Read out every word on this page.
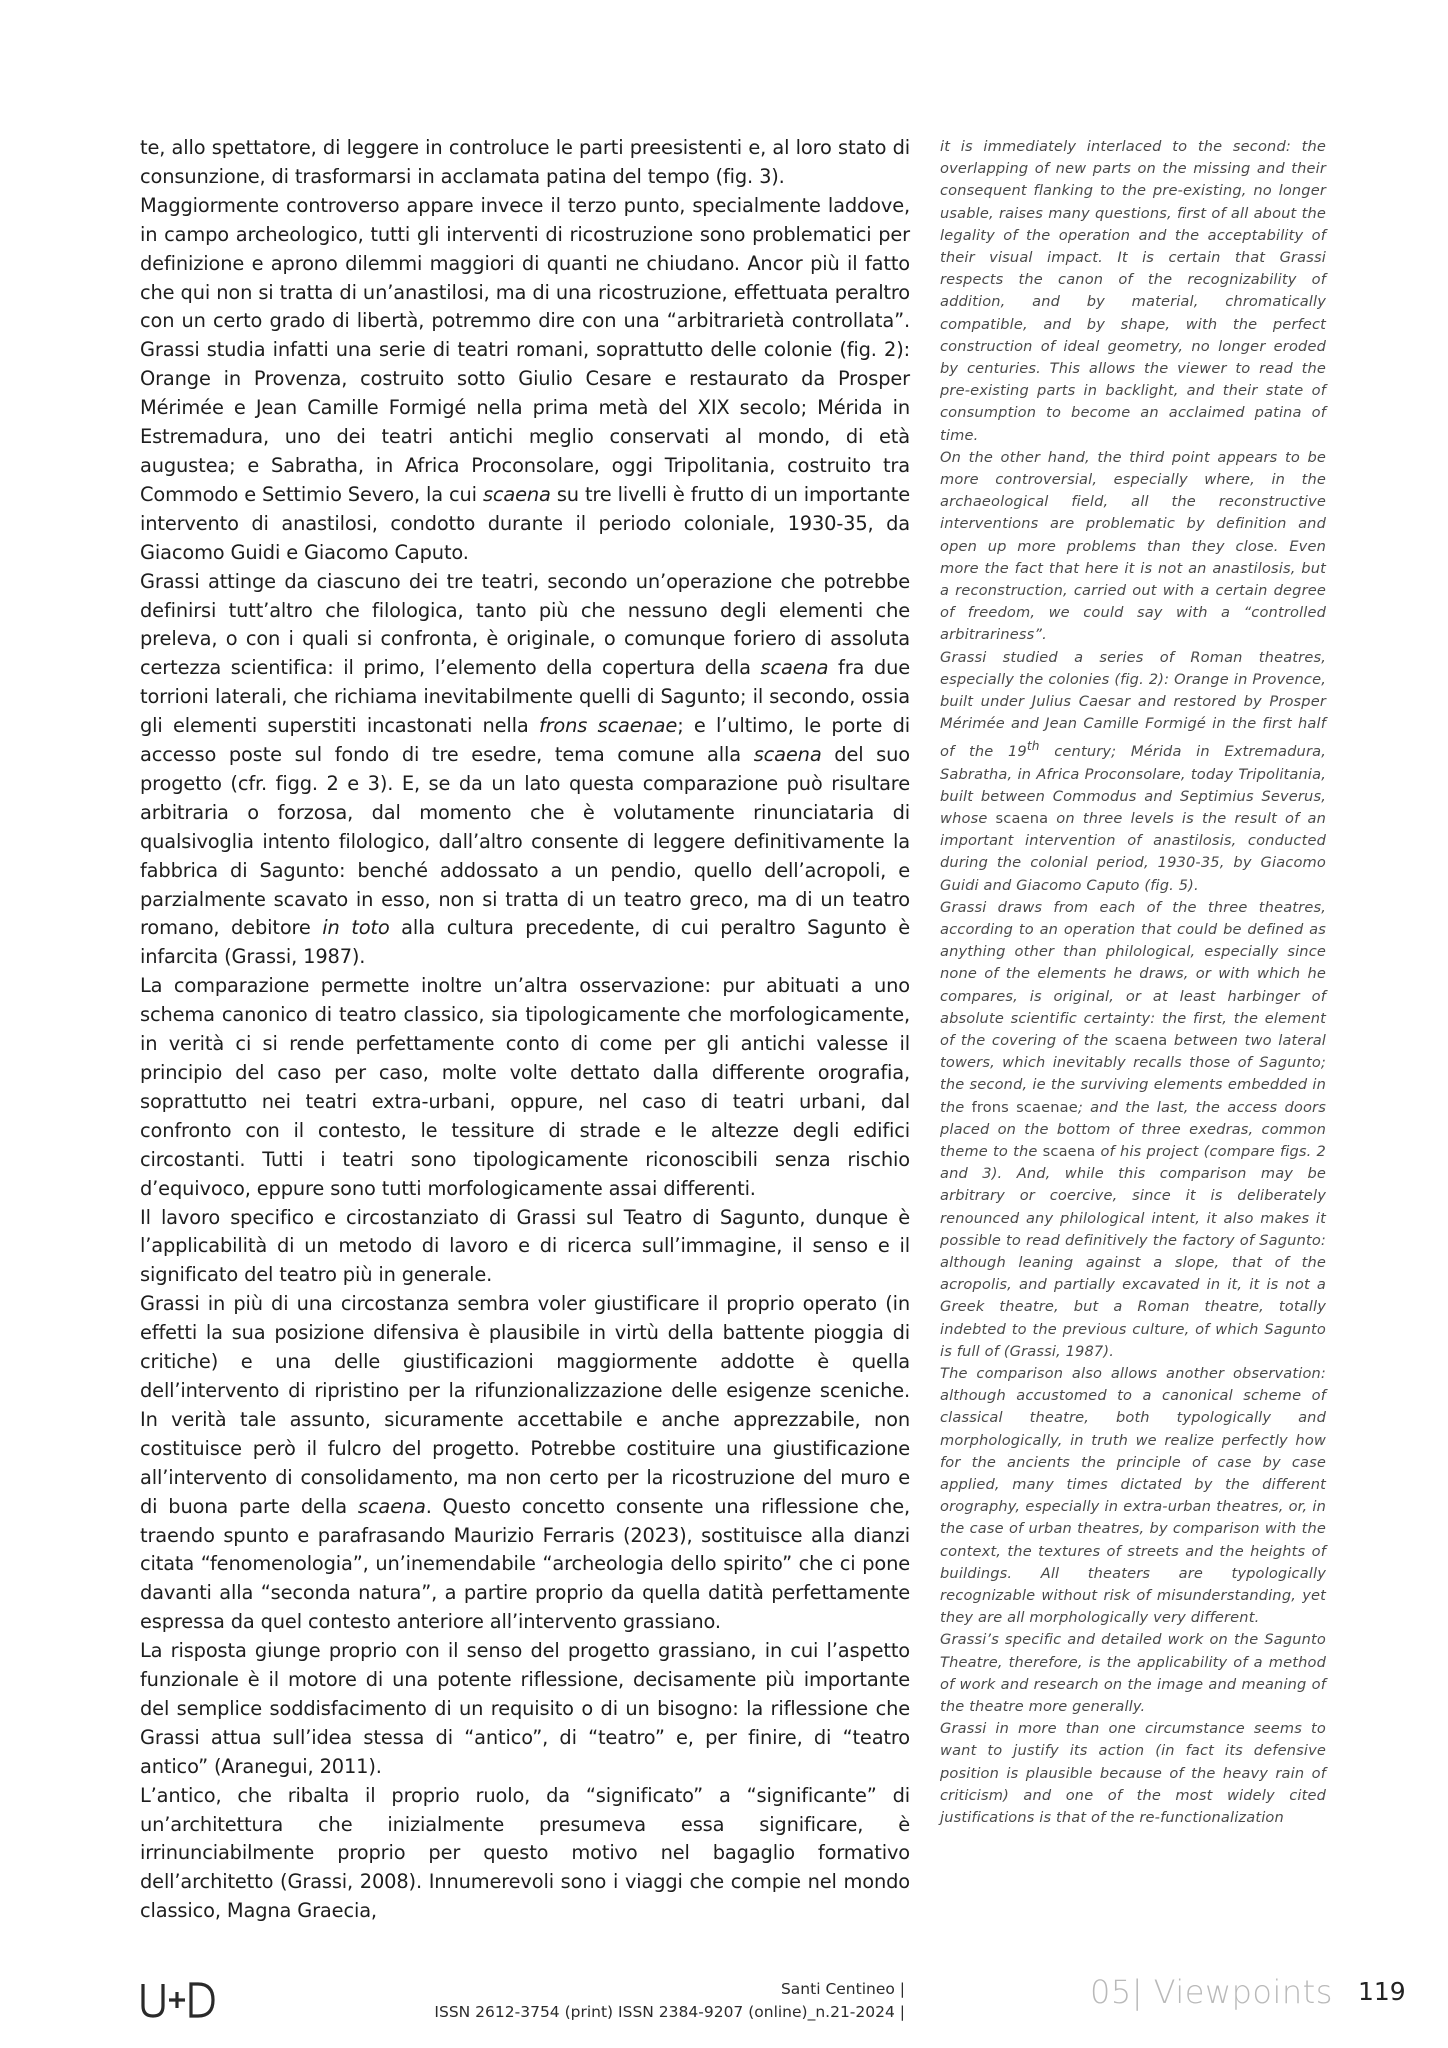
te, allo spettatore, di leggere in controluce le parti preesistenti e, al loro stato di consunzione, di trasformarsi in acclamata patina del tempo (fig. 3).

Maggiormente controverso appare invece il terzo punto, specialmente laddove, in campo archeologico, tutti gli interventi di ricostruzione sono problematici per definizione e aprono dilemmi maggiori di quanti ne chiudano. Ancor più il fatto che qui non si tratta di un’anastilosi, ma di una ricostruzione, effettuata peraltro con un certo grado di libertà, potremmo dire con una “arbitrarietà controllata”. Grassi studia infatti una serie di teatri romani, soprattutto delle colonie (fig. 2): Orange in Provenza, costruito sotto Giulio Cesare e restaurato da Prosper Mérimée e Jean Camille Formigé nella prima metà del XIX secolo; Mérida in Estremadura, uno dei teatri antichi meglio conservati al mondo, di età augustea; e Sabratha, in Africa Proconsolare, oggi Tripolitania, costruito tra Commodo e Settimio Severo, la cui scaena su tre livelli è frutto di un importante intervento di anastilosi, condotto durante il periodo coloniale, 1930-35, da Giacomo Guidi e Giacomo Caputo.

Grassi attinge da ciascuno dei tre teatri, secondo un’operazione che potrebbe definirsi tutt’altro che filologica, tanto più che nessuno degli elementi che preleva, o con i quali si confronta, è originale, o comunque foriero di assoluta certezza scientifica: il primo, l’elemento della copertura della scaena fra due torrioni laterali, che richiama inevitabilmente quelli di Sagunto; il secondo, ossia gli elementi superstiti incastonati nella frons scaenae; e l’ultimo, le porte di accesso poste sul fondo di tre esedre, tema comune alla scaena del suo progetto (cfr. figg. 2 e 3). E, se da un lato questa comparazione può risultare arbitraria o forzosa, dal momento che è volutamente rinunciataria di qualsivoglia intento filologico, dall’altro consente di leggere definitivamente la fabbrica di Sagunto: benché addossato a un pendio, quello dell’acropoli, e parzialmente scavato in esso, non si tratta di un teatro greco, ma di un teatro romano, debitore in toto alla cultura precedente, di cui peraltro Sagunto è infarcita (Grassi, 1987).

La comparazione permette inoltre un’altra osservazione: pur abituati a uno schema canonico di teatro classico, sia tipologicamente che morfologicamente, in verità ci si rende perfettamente conto di come per gli antichi valesse il principio del caso per caso, molte volte dettato dalla differente orografia, soprattutto nei teatri extra-urbani, oppure, nel caso di teatri urbani, dal confronto con il contesto, le tessiture di strade e le altezze degli edifici circostanti. Tutti i teatri sono tipologicamente riconoscibili senza rischio d’equivoco, eppure sono tutti morfologicamente assai differenti.

Il lavoro specifico e circostanziato di Grassi sul Teatro di Sagunto, dunque è l’applicabilità di un metodo di lavoro e di ricerca sull’immagine, il senso e il significato del teatro più in generale.

Grassi in più di una circostanza sembra voler giustificare il proprio operato (in effetti la sua posizione difensiva è plausibile in virtù della battente pioggia di critiche) e una delle giustificazioni maggiormente addotte è quella dell’intervento di ripristino per la rifunzionalizzazione delle esigenze sceniche. In verità tale assunto, sicuramente accettabile e anche apprezzabile, non costituisce però il fulcro del progetto. Potrebbe costituire una giustificazione all’intervento di consolidamento, ma non certo per la ricostruzione del muro e di buona parte della scaena. Questo concetto consente una riflessione che, traendo spunto e parafrasando Maurizio Ferraris (2023), sostituisce alla dianzi citata “fenomenologia”, un’inemendabile “archeologia dello spirito” che ci pone davanti alla “seconda natura”, a partire proprio da quella datità perfettamente espressa da quel contesto anteriore all’intervento grassiano.

La risposta giunge proprio con il senso del progetto grassiano, in cui l’aspetto funzionale è il motore di una potente riflessione, decisamente più importante del semplice soddisfacimento di un requisito o di un bisogno: la riflessione che Grassi attua sull’idea stessa di “antico”, di “teatro” e, per finire, di “teatro antico” (Aranegui, 2011).

L’antico, che ribalta il proprio ruolo, da “significato” a “significante” di un’architettura che inizialmente presumeva essa significare, è irrinunciabilmente proprio per questo motivo nel bagaglio formativo dell’architetto (Grassi, 2008). Innumerevoli sono i viaggi che compie nel mondo classico, Magna Graecia,

it is immediately interlaced to the second: the overlapping of new parts on the missing and their consequent flanking to the pre-existing, no longer usable, raises many questions, first of all about the legality of the operation and the acceptability of their visual impact. It is certain that Grassi respects the canon of the recognizability of addition, and by material, chromatically compatible, and by shape, with the perfect construction of ideal geometry, no longer eroded by centuries. This allows the viewer to read the pre-existing parts in backlight, and their state of consumption to become an acclaimed patina of time.

On the other hand, the third point appears to be more controversial, especially where, in the archaeological field, all the reconstructive interventions are problematic by definition and open up more problems than they close. Even more the fact that here it is not an anastilosis, but a reconstruction, carried out with a certain degree of freedom, we could say with a “controlled arbitrariness”.

Grassi studied a series of Roman theatres, especially the colonies (fig. 2): Orange in Provence, built under Julius Caesar and restored by Prosper Mérimée and Jean Camille Formigé in the first half of the 19th century; Mérida in Extremadura, Sabratha, in Africa Proconsolare, today Tripolitania, built between Commodus and Septimius Severus, whose scaena on three levels is the result of an important intervention of anastilosis, conducted during the colonial period, 1930-35, by Giacomo Guidi and Giacomo Caputo (fig. 5).

Grassi draws from each of the three theatres, according to an operation that could be defined as anything other than philological, especially since none of the elements he draws, or with which he compares, is original, or at least harbinger of absolute scientific certainty: the first, the element of the covering of the scaena between two lateral towers, which inevitably recalls those of Sagunto; the second, ie the surviving elements embedded in the frons scaenae; and the last, the access doors placed on the bottom of three exedras, common theme to the scaena of his project (compare figs. 2 and 3). And, while this comparison may be arbitrary or coercive, since it is deliberately renounced any philological intent, it also makes it possible to read definitively the factory of Sagunto: although leaning against a slope, that of the acropolis, and partially excavated in it, it is not a Greek theatre, but a Roman theatre, totally indebted to the previous culture, of which Sagunto is full of (Grassi, 1987).

The comparison also allows another observation: although accustomed to a canonical scheme of classical theatre, both typologically and morphologically, in truth we realize perfectly how for the ancients the principle of case by case applied, many times dictated by the different orography, especially in extra-urban theatres, or, in the case of urban theatres, by comparison with the context, the textures of streets and the heights of buildings. All theaters are typologically recognizable without risk of misunderstanding, yet they are all morphologically very different.

Grassi’s specific and detailed work on the Sagunto Theatre, therefore, is the applicability of a method of work and research on the image and meaning of the theatre more generally.

Grassi in more than one circumstance seems to want to justify its action (in fact its defensive position is plausible because of the heavy rain of criticism) and one of the most widely cited justifications is that of the re-functionalization

Santi Centineo |
ISSN 2612-3754 (print) ISSN 2384-9207 (online)_n.21-2024 |
05| Viewpoints 119
